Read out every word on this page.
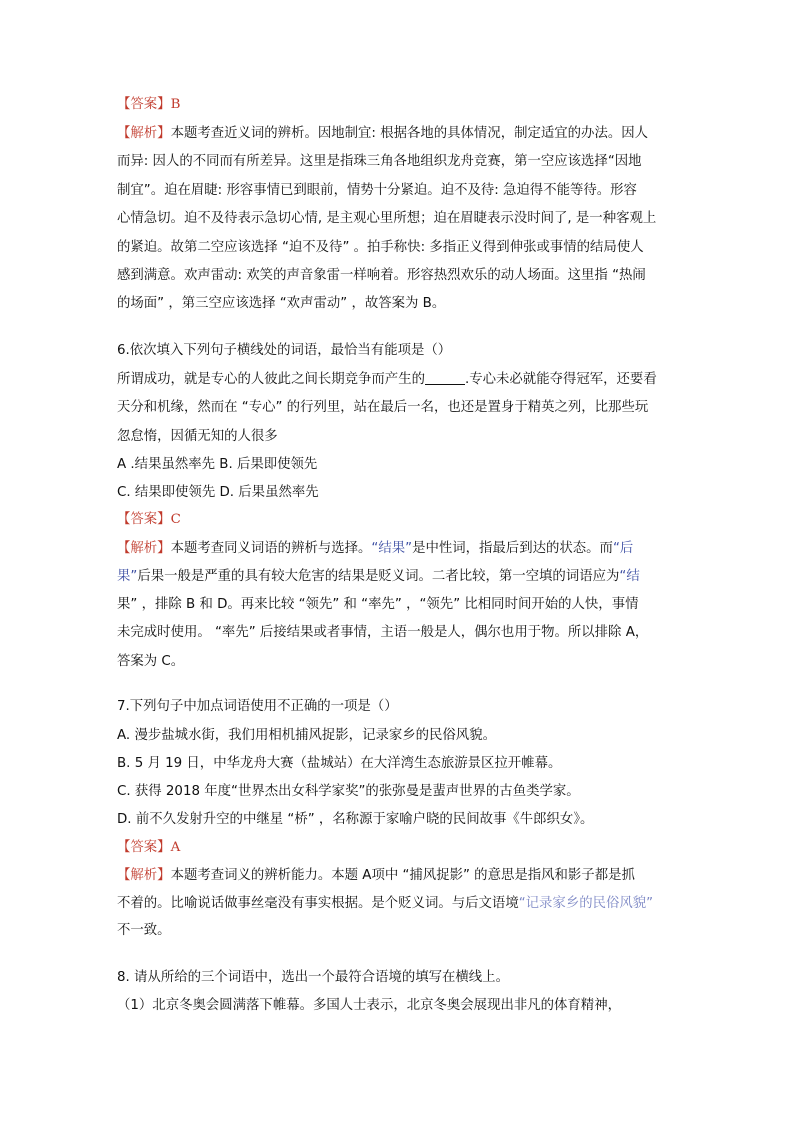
【答案】B
【解析】本题考查近义词的辨析。因地制宜: 根据各地的具体情况，制定适宜的办法。因人
而异: 因人的不同而有所差异。这里是指珠三角各地组织龙舟竞赛，第一空应该选择“因地
制宜”。迫在眉睫: 形容事情已到眼前，情势十分紧迫。迫不及待: 急迫得不能等待。形容
心情急切。迫不及待表示急切心情, 是主观心里所想；迫在眉睫表示没时间了, 是一种客观上
的紧迫。故第二空应该选择 “迫不及待” 。拍手称快: 多指正义得到伸张或事情的结局使人
感到满意。欢声雷动: 欢笑的声音象雷一样响着。形容热烈欢乐的动人场面。这里指 “热闹
的场面” ，第三空应该选择 “欢声雷动” ，故答案为 B。
6.依次填入下列句子横线处的词语，最恰当有能项是（）
所谓成功，就是专心的人彼此之间长期竞争而产生的	.专心未必就能夺得冠军，还要看
天分和机缘，然而在 “专心” 的行列里，站在最后一名，也还是置身于精英之列，比那些玩
忽怠惰，因循无知的人很多
A .结果虽然率先 B. 后果即使领先
C. 结果即使领先 D. 后果虽然率先
【答案】C
【解析】本题考查同义词语的辨析与选择。“结果”是中性词，指最后到达的状态。而“后
果”后果一般是严重的具有较大危害的结果是贬义词。二者比较，第一空填的词语应为“结
果” ，排除 B 和 D。再来比较 “领先” 和 “率先” ，“领先” 比相同时间开始的人快，事情
未完成时使用。 “率先” 后接结果或者事情，主语一般是人，偶尔也用于物。所以排除 A，
答案为 C。
7.下列句子中加点词语使用不正确的一项是（）
A. 漫步盐城水街，我们用相机捕风捉影，记录家乡的民俗风貌。
B. 5 月 19 日，中华龙舟大赛（盐城站）在大洋湾生态旅游景区拉开帷幕。
C. 获得 2018 年度“世界杰出女科学家奖”的张弥曼是蜚声世界的古鱼类学家。
D. 前不久发射升空的中继星 “桥” ，名称源于家喻户晓的民间故事《牛郎织女》。
【答案】A
【解析】本题考查词义的辨析能力。本题 A项中 “捕风捉影” 的意思是指风和影子都是抓
不着的。比喻说话做事丝毫没有事实根据。是个贬义词。与后文语境“记录家乡的民俗风貌”
不一致。
8. 请从所给的三个词语中，选出一个最符合语境的填写在横线上。
（1）北京冬奥会圆满落下帷幕。多国人士表示，北京冬奥会展现出非凡的体育精神，
